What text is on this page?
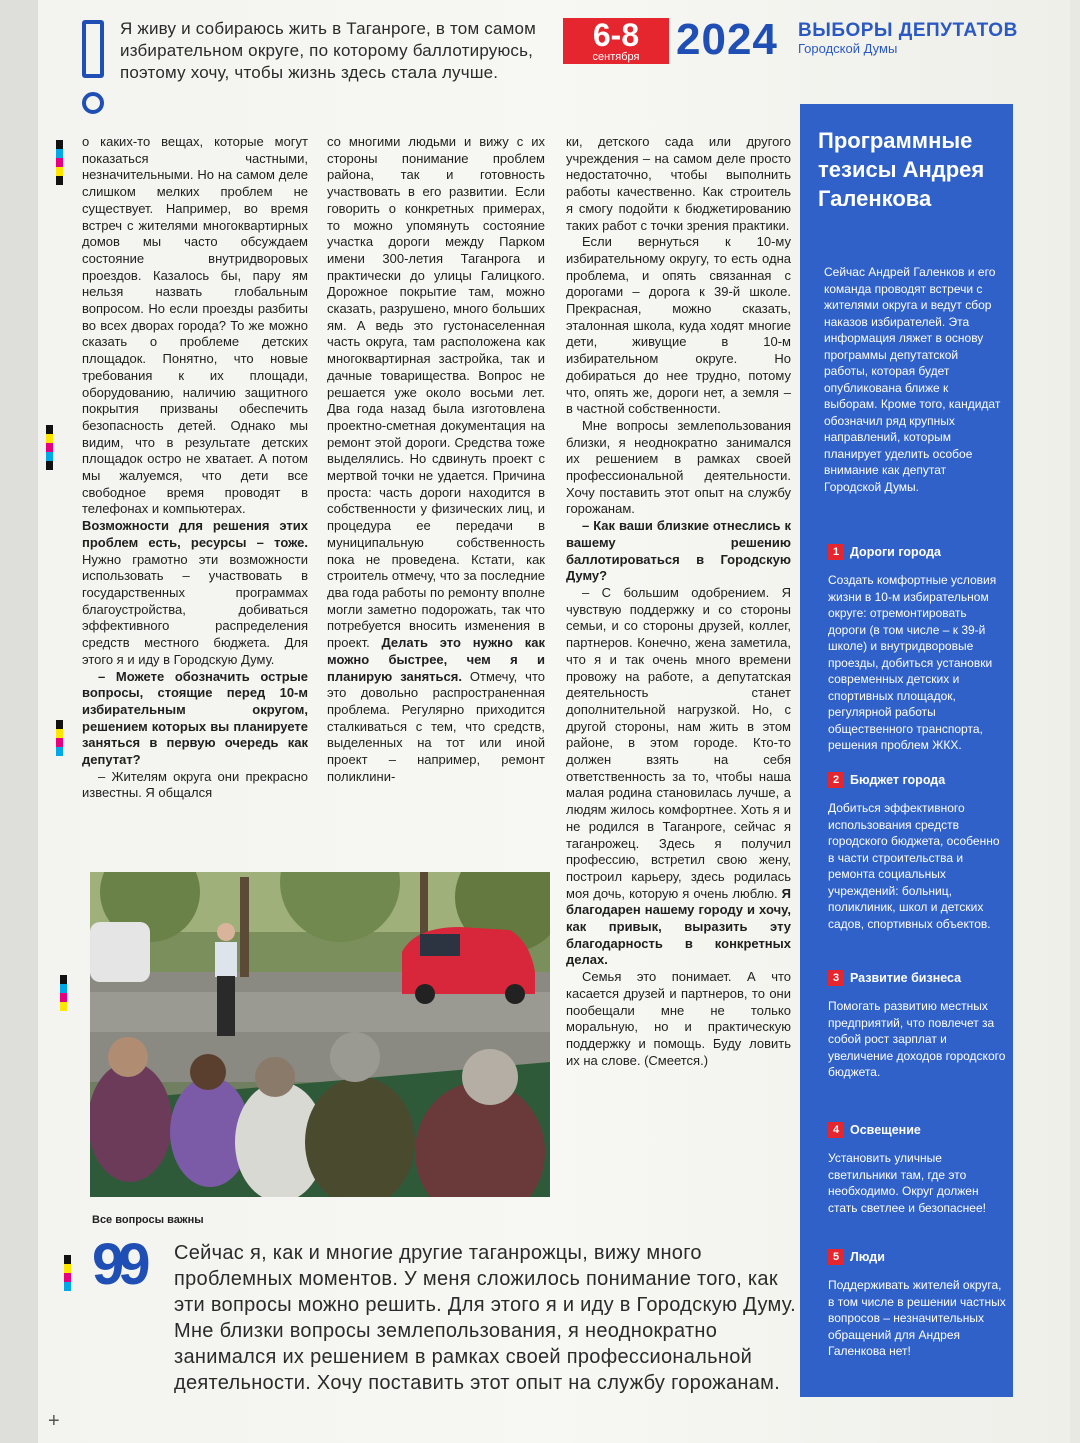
Я живу и собираюсь жить в Таганроге, в том самом избирательном округе, по которому баллотируюсь, поэтому хочу, чтобы жизнь здесь стала лучше.
6-8
сентября 2024 ВЫБОРЫ ДЕПУТАТОВ
Городской Думы

о каких-то вещах, которые могут показаться частными, незначительными. Но на самом деле слишком мелких проблем не существует. Например, во время встреч с жителями многоквартирных домов мы часто обсуждаем состояние внутридворовых проездов. Казалось бы, пару ям нельзя назвать глобальным вопросом. Но если проезды разбиты во всех дворах города? То же можно сказать о проблеме детских площадок. Понятно, что новые требования к их площади, оборудованию, наличию защитного покрытия призваны обеспечить безопасность детей. Однако мы видим, что в результате детских площадок остро не хватает. А потом мы жалуемся, что дети все свободное время проводят в телефонах и компьютерах.

Возможности для решения этих проблем есть, ресурсы – тоже. Нужно грамотно эти возможности использовать – участвовать в государственных программах благоустройства, добиваться эффективного распределения средств местного бюджета. Для этого я и иду в Городскую Думу.

– Можете обозначить острые вопросы, стоящие перед 10-м избирательным округом, решением которых вы планируете заняться в первую очередь как депутат?

– Жителям округа они прекрасно известны. Я общался

со многими людьми и вижу с их стороны понимание проблем района, так и готовность участвовать в его развитии. Если говорить о конкретных примерах, то можно упомянуть состояние участка дороги между Парком имени 300-летия Таганрога и практически до улицы Галицкого. Дорожное покрытие там, можно сказать, разрушено, много больших ям. А ведь это густонаселенная часть округа, там расположена как многоквартирная застройка, так и дачные товарищества. Вопрос не решается уже около восьми лет. Два года назад была изготовлена проектно-сметная документация на ремонт этой дороги. Средства тоже выделялись. Но сдвинуть проект с мертвой точки не удается. Причина проста: часть дороги находится в собственности у физических лиц, и процедура ее передачи в муниципальную собственность пока не проведена. Кстати, как строитель отмечу, что за последние два года работы по ремонту вполне могли заметно подорожать, так что потребуется вносить изменения в проект. Делать это нужно как можно быстрее, чем я и планирую заняться. Отмечу, что это довольно распространенная проблема. Регулярно приходится сталкиваться с тем, что средств, выделенных на тот или иной проект – например, ремонт поликлини-

ки, детского сада или другого учреждения – на самом деле просто недостаточно, чтобы выполнить работы качественно. Как строитель я смогу подойти к бюджетированию таких работ с точки зрения практики.

Если вернуться к 10-му избирательному округу, то есть одна проблема, и опять связанная с дорогами – дорога к 39-й школе. Прекрасная, можно сказать, эталонная школа, куда ходят многие дети, живущие в 10-м избирательном округе. Но добираться до нее трудно, потому что, опять же, дороги нет, а земля – в частной собственности.

Мне вопросы землепользования близки, я неоднократно занимался их решением в рамках своей профессиональной деятельности. Хочу поставить этот опыт на службу горожанам.

– Как ваши близкие отнеслись к вашему решению баллотироваться в Городскую Думу?

– С большим одобрением. Я чувствую поддержку и со стороны семьи, и со стороны друзей, коллег, партнеров. Конечно, жена заметила, что я и так очень много времени провожу на работе, а депутатская деятельность станет дополнительной нагрузкой. Но, с другой стороны, нам жить в этом районе, в этом городе. Кто-то должен взять на себя ответственность за то, чтобы наша малая родина становилась лучше, а людям жилось комфортнее. Хоть я и не родился в Таганроге, сейчас я таганрожец. Здесь я получил профессию, встретил свою жену, построил карьеру, здесь родилась моя дочь, которую я очень люблю. Я благодарен нашему городу и хочу, как привык, выразить эту благодарность в конкретных делах.

Семья это понимает. А что касается друзей и партнеров, то они пообещали мне не только моральную, но и практическую поддержку и помощь. Буду ловить их на слове. (Смеется.)

Все вопросы важны
99	Сейчас я, как и многие другие таганрожцы, вижу много проблемных моментов. У меня сложилось понимание того, как эти вопросы можно решить. Для этого я и иду в Городскую Думу. Мне близки вопросы землепользования, я неоднократно занимался их решением в рамках своей профессиональной деятельности. Хочу поставить этот опыт на службу горожанам.
Программные тезисы Андрея Галенкова
Сейчас Андрей Галенков и его команда проводят встречи с жителями округа и ведут сбор наказов избирателей. Эта информация ляжет в основу программы депутатской работы, которая будет опубликована ближе к выборам. Кроме того, кандидат обозначил ряд крупных направлений, которым планирует уделить особое внимание как депутат Городской Думы.
1 Дороги города
Создать комфортные условия жизни в 10-м избирательном округе: отремонтировать дороги (в том числе – к 39-й школе) и внутридворовые проезды, добиться установки современных детских и спортивных площадок, регулярной работы общественного транспорта, решения проблем ЖКХ.
2 Бюджет города
Добиться эффективного использования средств городского бюджета, особенно в части строительства и ремонта социальных учреждений: больниц, поликлиник, школ и детских садов, спортивных объектов.
3 Развитие бизнеса
Помогать развитию местных предприятий, что повлечет за собой рост зарплат и увеличение доходов городского бюджета.
4 Освещение
Установить уличные светильники там, где это необходимо. Округ должен стать светлее и безопаснее!
5 Люди
Поддерживать жителей округа, в том числе в решении частных вопросов – незначительных обращений для Андрея Галенкова нет!
+
